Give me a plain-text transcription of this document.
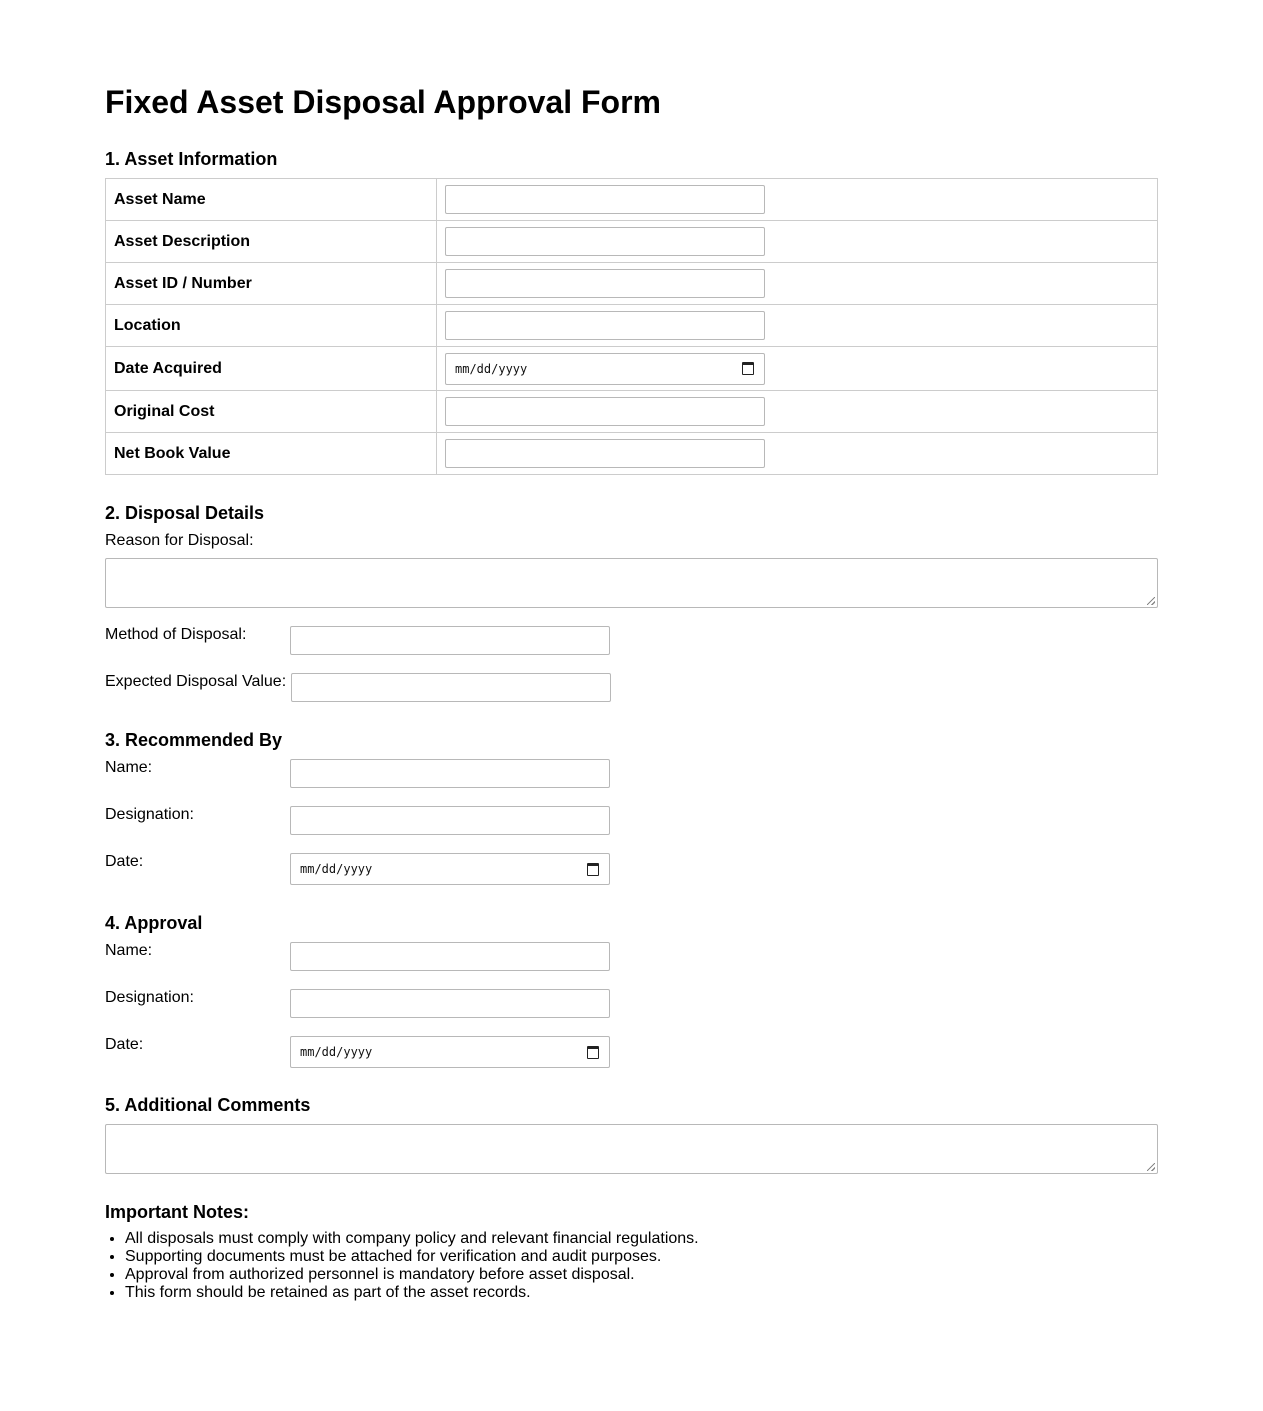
Fixed Asset Disposal Approval Form
1. Asset Information
Asset Name	

Asset Description	

Asset ID / Number	

Location	

Date Acquired	mm/dd/yyyy

Original Cost	

Net Book Value	
2. Disposal Details
Reason for Disposal:
Method of Disposal:
Expected Disposal Value:
3. Recommended By
Name:
Designation:
Date:	mm/dd/yyyy
4. Approval
Name:
Designation:
Date:	mm/dd/yyyy
5. Additional Comments
Important Notes:
• All disposals must comply with company policy and relevant financial regulations.
• Supporting documents must be attached for verification and audit purposes.
• Approval from authorized personnel is mandatory before asset disposal.
• This form should be retained as part of the asset records.
